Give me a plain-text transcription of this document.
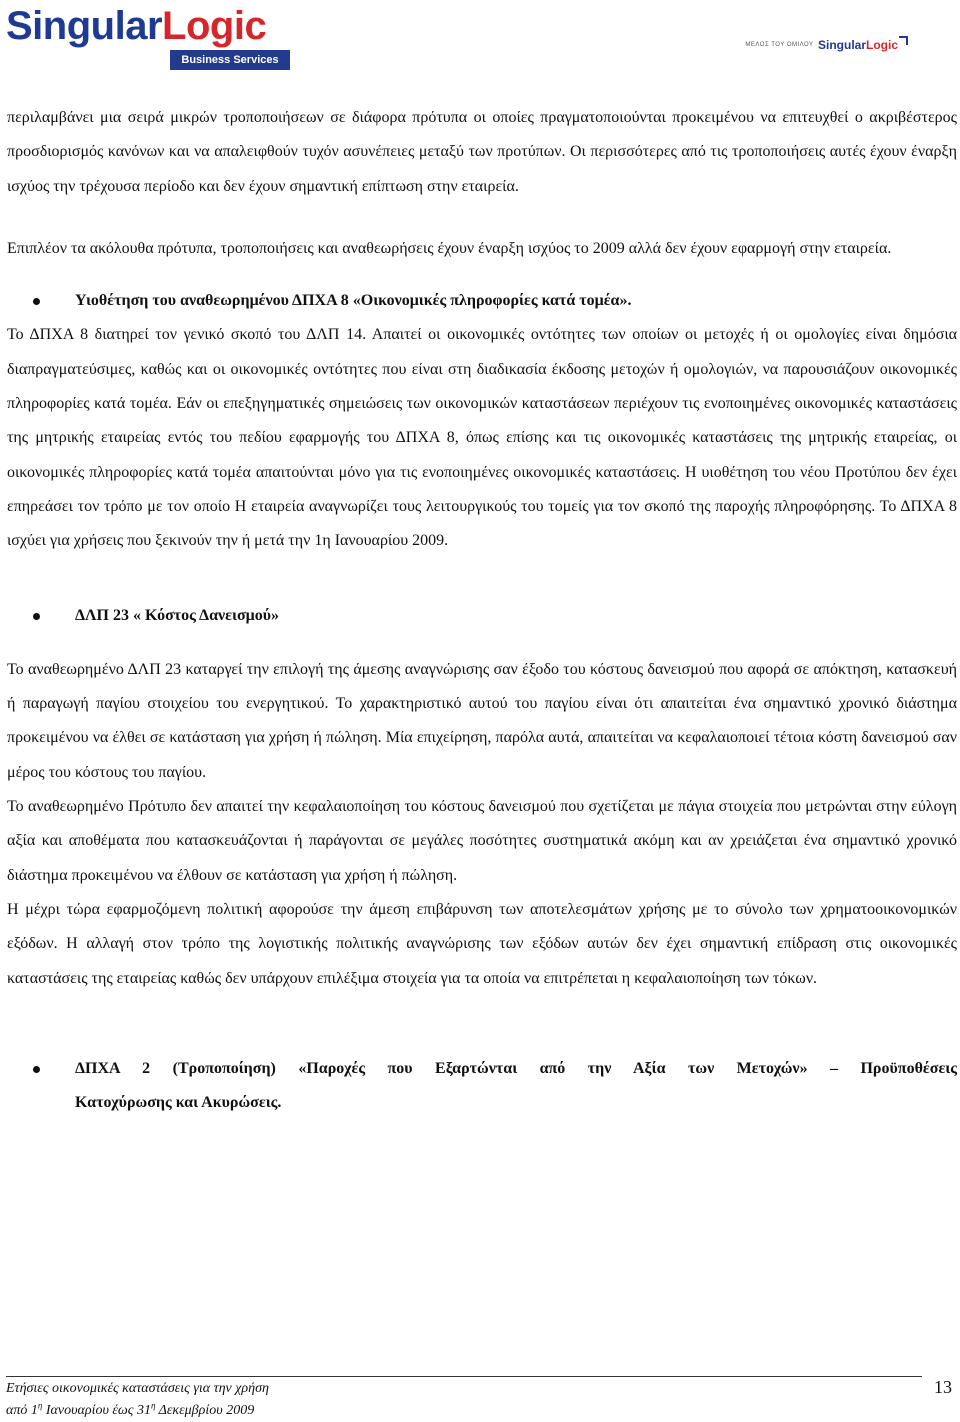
SingularLogic
Business Services
ΜΕΛΟΣ ΤΟΥ ΟΜΙΛΟΥ SingularLogic

περιλαμβάνει μια σειρά μικρών τροποποιήσεων σε διάφορα πρότυπα οι οποίες πραγματοποιούνται προκειμένου να επιτευχθεί ο ακριβέστερος προσδιορισμός κανόνων και να απαλειφθούν τυχόν ασυνέπειες μεταξύ των προτύπων. Οι περισσότερες από τις τροποποιήσεις αυτές έχουν έναρξη ισχύος την τρέχουσα περίοδο και δεν έχουν σημαντική επίπτωση στην εταιρεία.

Επιπλέον τα ακόλουθα πρότυπα, τροποποιήσεις και αναθεωρήσεις έχουν έναρξη ισχύος το 2009 αλλά δεν έχουν εφαρμογή στην εταιρεία.

Υιοθέτηση του αναθεωρημένου ΔΠΧΑ 8 «Οικονομικές πληροφορίες κατά τομέα».

Το ΔΠΧΑ 8 διατηρεί τον γενικό σκοπό του ΔΛΠ 14. Απαιτεί οι οικονομικές οντότητες των οποίων οι μετοχές ή οι ομολογίες είναι δημόσια διαπραγματεύσιμες, καθώς και οι οικονομικές οντότητες που είναι στη διαδικασία έκδοσης μετοχών ή ομολογιών, να παρουσιάζουν οικονομικές πληροφορίες κατά τομέα. Εάν οι επεξηγηματικές σημειώσεις των οικονομικών καταστάσεων περιέχουν τις ενοποιημένες οικονομικές καταστάσεις της μητρικής εταιρείας εντός του πεδίου εφαρμογής του ΔΠΧΑ 8, όπως επίσης και τις οικονομικές καταστάσεις της μητρικής εταιρείας, οι οικονομικές πληροφορίες κατά τομέα απαιτούνται μόνο για τις ενοποιημένες οικονομικές καταστάσεις. Η υιοθέτηση του νέου Προτύπου δεν έχει επηρεάσει τον τρόπο με τον οποίο Η εταιρεία αναγνωρίζει τους λειτουργικούς του τομείς για τον σκοπό της παροχής πληροφόρησης. Το ΔΠΧΑ 8 ισχύει για χρήσεις που ξεκινούν την ή μετά την 1η Ιανουαρίου 2009.

ΔΛΠ 23 « Κόστος Δανεισμού»

Το αναθεωρημένο ΔΛΠ 23 καταργεί την επιλογή της άμεσης αναγνώρισης σαν έξοδο του κόστους δανεισμού που αφορά σε απόκτηση, κατασκευή ή παραγωγή παγίου στοιχείου του ενεργητικού. Το χαρακτηριστικό αυτού του παγίου είναι ότι απαιτείται ένα σημαντικό χρονικό διάστημα προκειμένου να έλθει σε κατάσταση για χρήση ή πώληση. Μία επιχείρηση, παρόλα αυτά, απαιτείται να κεφαλαιοποιεί τέτοια κόστη δανεισμού σαν μέρος του κόστους του παγίου.

Το αναθεωρημένο Πρότυπο δεν απαιτεί την κεφαλαιοποίηση του κόστους δανεισμού που σχετίζεται με πάγια στοιχεία που μετρώνται στην εύλογη αξία και αποθέματα που κατασκευάζονται ή παράγονται σε μεγάλες ποσότητες συστηματικά ακόμη και αν χρειάζεται ένα σημαντικό χρονικό διάστημα προκειμένου να έλθουν σε κατάσταση για χρήση ή πώληση.

Η μέχρι τώρα εφαρμοζόμενη πολιτική αφορούσε την άμεση επιβάρυνση των αποτελεσμάτων χρήσης με το σύνολο των χρηματοοικονομικών εξόδων. Η αλλαγή στον τρόπο της λογιστικής πολιτικής αναγνώρισης των εξόδων αυτών δεν έχει σημαντική επίδραση στις οικονομικές καταστάσεις της εταιρείας καθώς δεν υπάρχουν επιλέξιμα στοιχεία για τα οποία να επιτρέπεται η κεφαλαιοποίηση των τόκων.

ΔΠΧΑ 2 (Τροποποίηση) «Παροχές που Εξαρτώνται από την Αξία των Μετοχών» – Προϋποθέσεις
Κατοχύρωσης και Ακυρώσεις.
Ετήσιες οικονομικές καταστάσεις για την χρήση
από $1^\eta$ Ιανουαρίου έως $31^\eta$ Δεκεμβρίου 2009
13
